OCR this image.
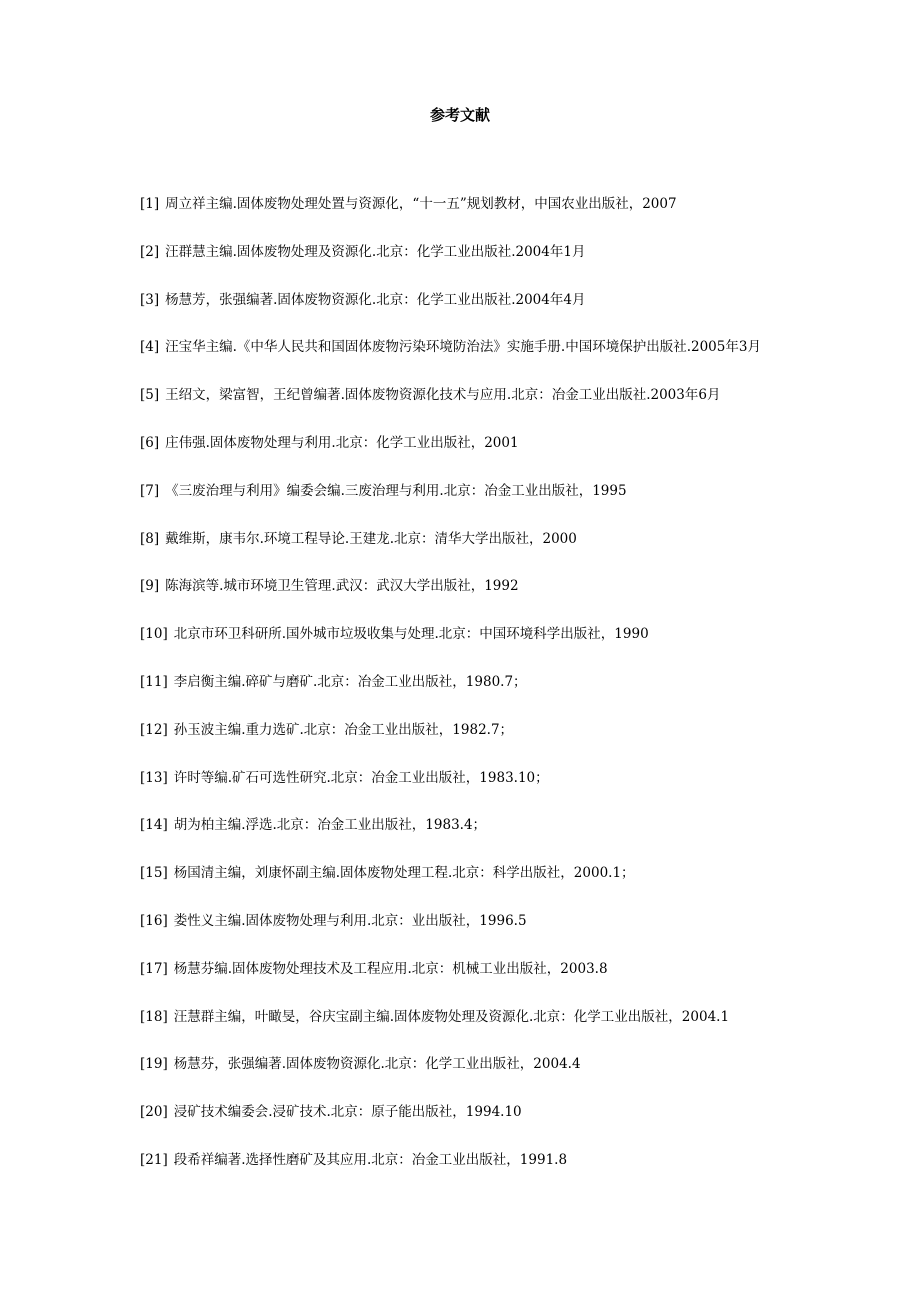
参考文献
[1] 周立祥主编.固体废物处理处置与资源化，“十一五”规划教材，中国农业出版社，2007
[2] 汪群慧主编.固体废物处理及资源化.北京：化学工业出版社.2004年1月
[3] 杨慧芳，张强编著.固体废物资源化.北京：化学工业出版社.2004年4月
[4] 汪宝华主编.《中华人民共和国固体废物污染环境防治法》实施手册.中国环境保护出版社.2005年3月
[5] 王绍文，梁富智，王纪曾编著.固体废物资源化技术与应用.北京：冶金工业出版社.2003年6月
[6] 庄伟强.固体废物处理与利用.北京：化学工业出版社，2001
[7] 《三废治理与利用》编委会编.三废治理与利用.北京：冶金工业出版社，1995
[8] 戴维斯，康韦尔.环境工程导论.王建龙.北京：清华大学出版社，2000
[9] 陈海滨等.城市环境卫生管理.武汉：武汉大学出版社，1992
[10] 北京市环卫科研所.国外城市垃圾收集与处理.北京：中国环境科学出版社，1990
[11] 李启衡主编.碎矿与磨矿.北京：冶金工业出版社，1980.7；
[12] 孙玉波主编.重力选矿.北京：冶金工业出版社，1982.7；
[13] 许时等编.矿石可选性研究.北京：冶金工业出版社，1983.10；
[14] 胡为柏主编.浮选.北京：冶金工业出版社，1983.4；
[15] 杨国清主编，刘康怀副主编.固体废物处理工程.北京：科学出版社，2000.1；
[16] 娄性义主编.固体废物处理与利用.北京：业出版社，1996.5
[17] 杨慧芬编.固体废物处理技术及工程应用.北京：机械工业出版社，2003.8
[18] 汪慧群主编，叶瞰旻，谷庆宝副主编.固体废物处理及资源化.北京：化学工业出版社，2004.1
[19] 杨慧芬，张强编著.固体废物资源化.北京：化学工业出版社，2004.4
[20] 浸矿技术编委会.浸矿技术.北京：原子能出版社，1994.10
[21] 段希祥编著.选择性磨矿及其应用.北京：冶金工业出版社，1991.8
